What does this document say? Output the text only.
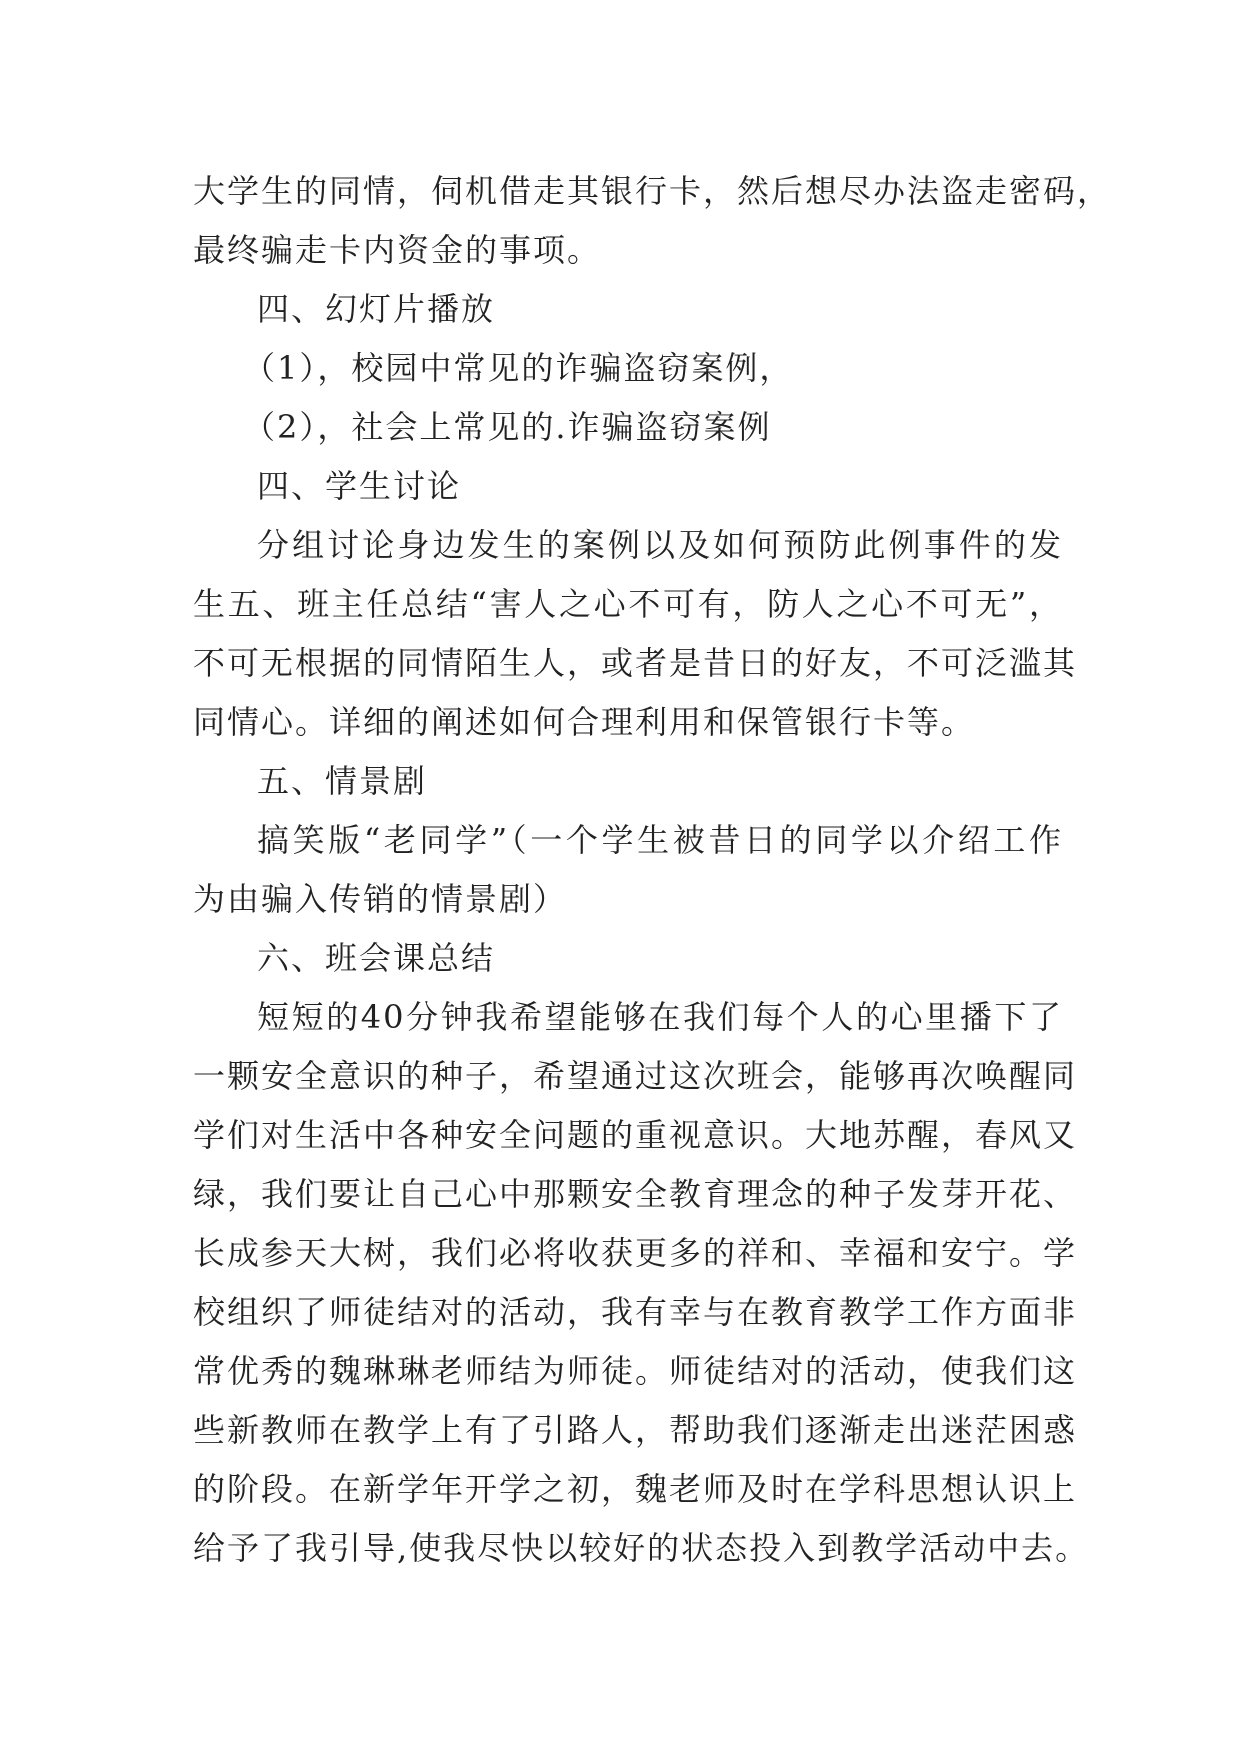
大学生的同情，伺机借走其银行卡，然后想尽办法盗走密码，
最终骗走卡内资金的事项。
四、幻灯片播放
（1），校园中常见的诈骗盗窃案例，
（2），社会上常见的.诈骗盗窃案例
四、学生讨论
分组讨论身边发生的案例以及如何预防此例事件的发
生五、班主任总结“害人之心不可有，防人之心不可无”，
不可无根据的同情陌生人，或者是昔日的好友，不可泛滥其
同情心。详细的阐述如何合理利用和保管银行卡等。
五、情景剧
搞笑版“老同学”（一个学生被昔日的同学以介绍工作
为由骗入传销的情景剧）
六、班会课总结
短短的40分钟我希望能够在我们每个人的心里播下了
一颗安全意识的种子，希望通过这次班会，能够再次唤醒同
学们对生活中各种安全问题的重视意识。大地苏醒，春风又
绿，我们要让自己心中那颗安全教育理念的种子发芽开花、
长成参天大树，我们必将收获更多的祥和、幸福和安宁。学
校组织了师徒结对的活动，我有幸与在教育教学工作方面非
常优秀的魏琳琳老师结为师徒。师徒结对的活动，使我们这
些新教师在教学上有了引路人，帮助我们逐渐走出迷茫困惑
的阶段。在新学年开学之初，魏老师及时在学科思想认识上
给予了我引导,使我尽快以较好的状态投入到教学活动中去。
